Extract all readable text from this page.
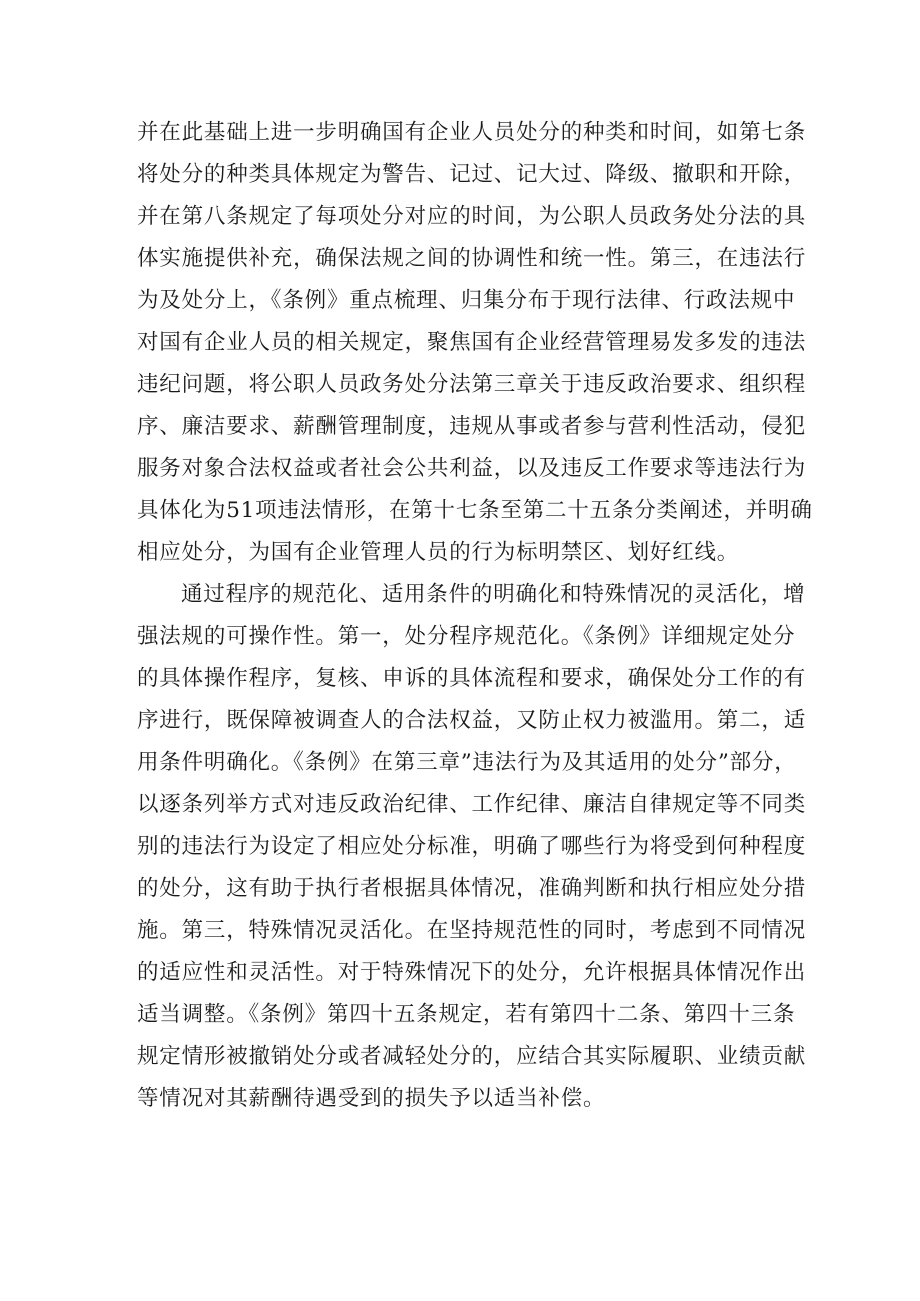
并在此基础上进一步明确国有企业人员处分的种类和时间，如第七条
将处分的种类具体规定为警告、记过、记大过、降级、撤职和开除，
并在第八条规定了每项处分对应的时间，为公职人员政务处分法的具
体实施提供补充，确保法规之间的协调性和统一性。第三，在违法行
为及处分上，《条例》重点梳理、归集分布于现行法律、行政法规中
对国有企业人员的相关规定，聚焦国有企业经营管理易发多发的违法
违纪问题，将公职人员政务处分法第三章关于违反政治要求、组织程
序、廉洁要求、薪酬管理制度，违规从事或者参与营利性活动，侵犯
服务对象合法权益或者社会公共利益，以及违反工作要求等违法行为
具体化为51项违法情形，在第十七条至第二十五条分类阐述，并明确
相应处分，为国有企业管理人员的行为标明禁区、划好红线。
通过程序的规范化、适用条件的明确化和特殊情况的灵活化，增
强法规的可操作性。第一，处分程序规范化。《条例》详细规定处分
的具体操作程序，复核、申诉的具体流程和要求，确保处分工作的有
序进行，既保障被调查人的合法权益，又防止权力被滥用。第二，适
用条件明确化。《条例》在第三章”违法行为及其适用的处分”部分，
以逐条列举方式对违反政治纪律、工作纪律、廉洁自律规定等不同类
别的违法行为设定了相应处分标准，明确了哪些行为将受到何种程度
的处分，这有助于执行者根据具体情况，准确判断和执行相应处分措
施。第三，特殊情况灵活化。在坚持规范性的同时，考虑到不同情况
的适应性和灵活性。对于特殊情况下的处分，允许根据具体情况作出
适当调整。《条例》第四十五条规定，若有第四十二条、第四十三条
规定情形被撤销处分或者减轻处分的，应结合其实际履职、业绩贡献
等情况对其薪酬待遇受到的损失予以适当补偿。
